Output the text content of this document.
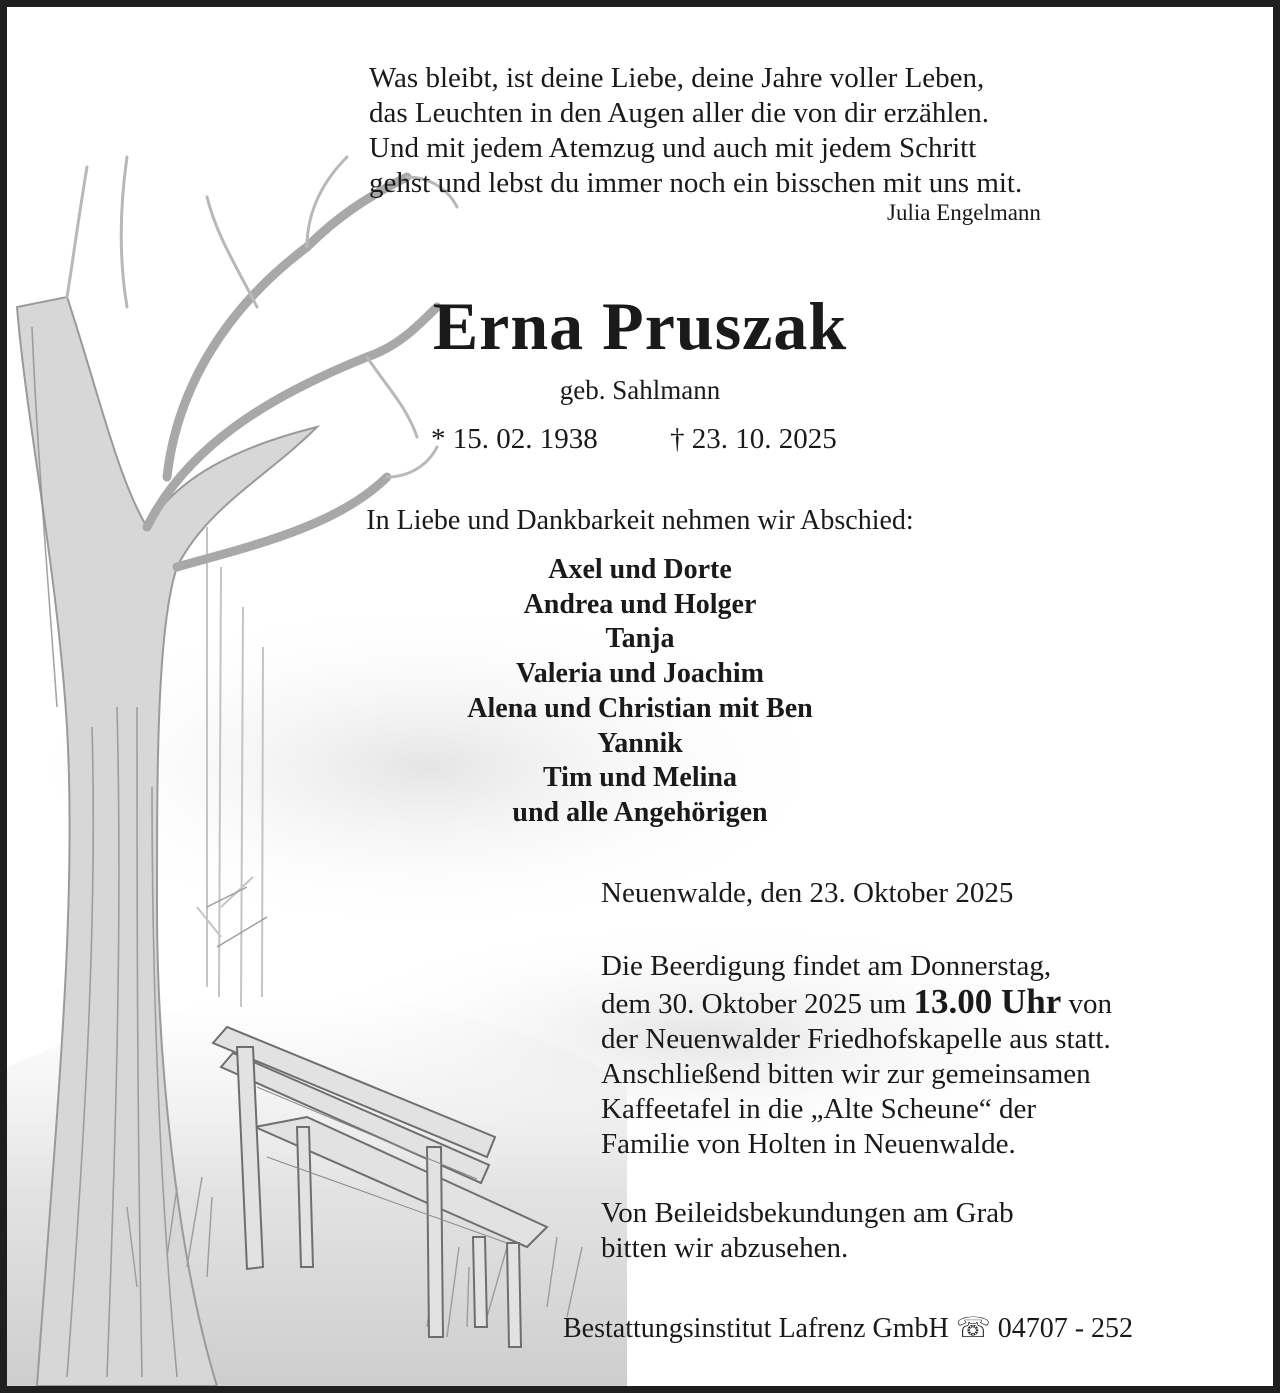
Was bleibt, ist deine Liebe, deine Jahre voller Leben,
das Leuchten in den Augen aller die von dir erzählen.
Und mit jedem Atemzug und auch mit jedem Schritt
gehst und lebst du immer noch ein bisschen mit uns mit.
Julia Engelmann
Erna Pruszak
geb. Sahlmann
* 15. 02. 1938 † 23. 10. 2025
In Liebe und Dankbarkeit nehmen wir Abschied:
Axel und Dorte
Andrea und Holger
Tanja
Valeria und Joachim
Alena und Christian mit Ben
Yannik
Tim und Melina
und alle Angehörigen
Neuenwalde, den 23. Oktober 2025
Die Beerdigung findet am Donnerstag,
dem 30. Oktober 2025 um 13.00 Uhr von
der Neuenwalder Friedhofskapelle aus statt.
Anschließend bitten wir zur gemeinsamen
Kaffeetafel in die „Alte Scheune“ der
Familie von Holten in Neuenwalde.
Von Beileidsbekundungen am Grab
bitten wir abzusehen.
Bestattungsinstitut Lafrenz GmbH ☏ 04707 - 252
